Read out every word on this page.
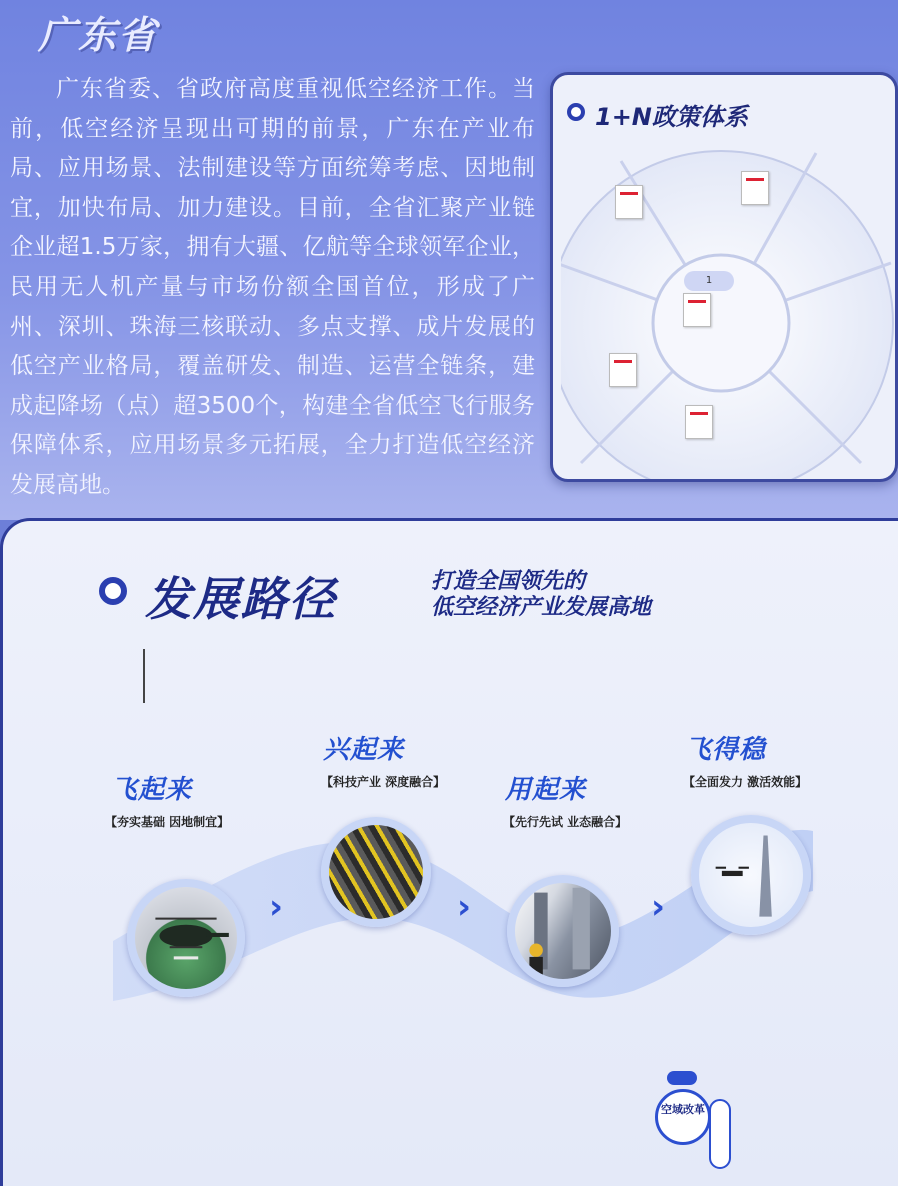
广东省

广东省委、省政府高度重视低空经济工作。当前，低空经济呈现出可期的前景，广东在产业布局、应用场景、法制建设等方面统筹考虑、因地制宜，加快布局、加力建设。目前，全省汇聚产业链企业超1.5万家，拥有大疆、亿航等全球领军企业，民用无人机产量与市场份额全国首位，形成了广州、深圳、珠海三核联动、多点支撑、成片发展的低空产业格局，覆盖研发、制造、运营全链条，建成起降场（点）超3500个，构建全省低空飞行服务保障体系，应用场景多元拓展，全力打造低空经济发展高地。

1+N政策体系
1
发展路径	打造全国领先的
低空经济产业发展高地
飞起来
【夯实基础 因地制宜】
›
兴起来
【科技产业 深度融合】
›
用起来
【先行先试 业态融合】
›
飞得稳
【全面发力 激活效能】
空域改革
